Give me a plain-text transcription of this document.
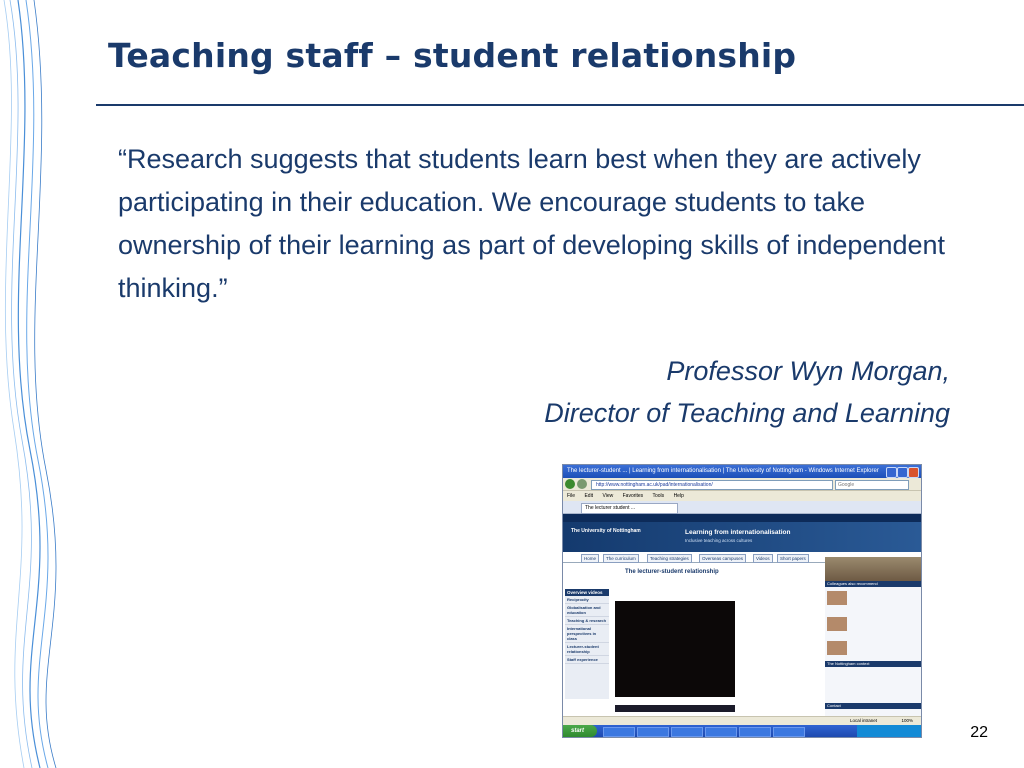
Teaching staff – student relationship

“Research suggests that students learn best when they are actively participating in their education. We encourage students to take ownership of their learning as part of developing skills of independent thinking.”

Professor Wyn Morgan,
Director of Teaching and Learning
The lecturer-student ... | Learning from internationalisation | The University of Nottingham - Windows Internet Explorer
http://www.nottingham.ac.uk/pad/internationalisation/	Google
File Edit View Favorites Tools Help
The lecturer student ...
The University of Nottingham	Learning from internationalisation
Inclusive teaching across cultures
Home	The curriculum	Teaching strategies	Overseas campuses	Videos	Short papers
The lecturer-student relationship
Overview videos
Reciprocity
Globalisation and education
Teaching & research
International perspectives in class
Lecturer-student relationship
Staff experience
Colleagues also recommend
The Nottingham context
Contact
Local intranet	100%
start	22
